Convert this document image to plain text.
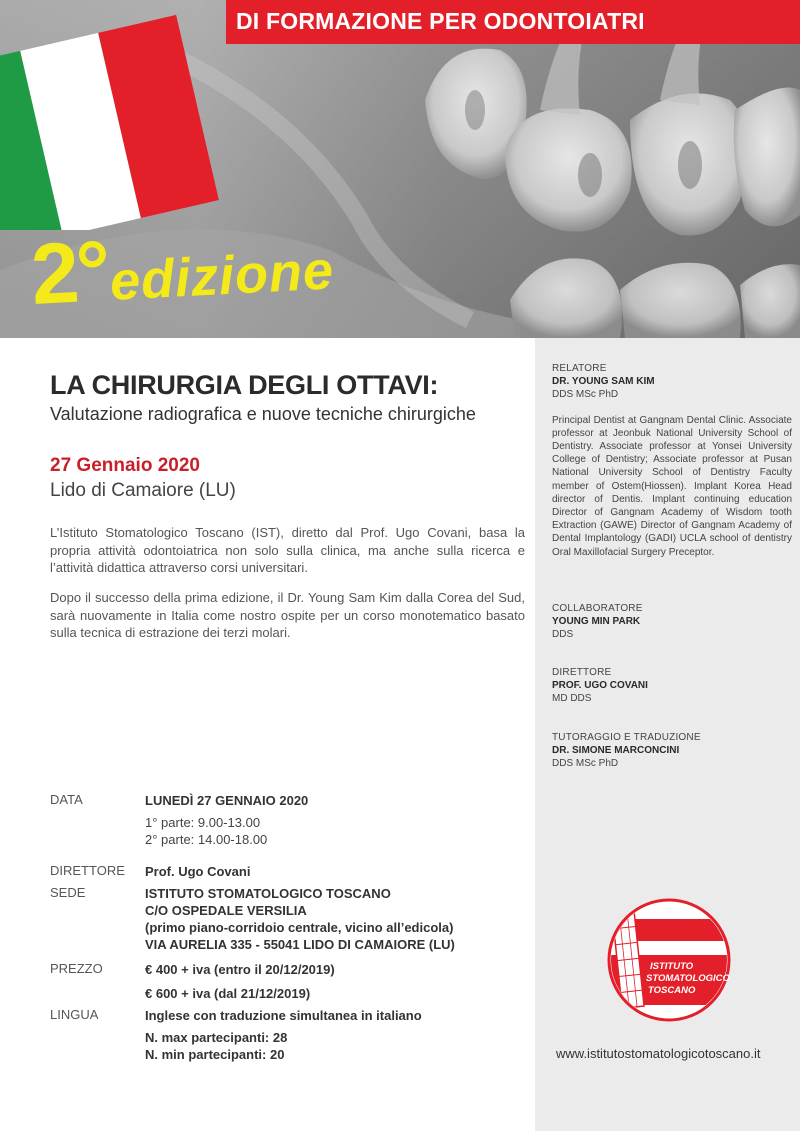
DI FORMAZIONE PER ODONTOIATRI
2°edizione
LA CHIRURGIA DEGLI OTTAVI:
Valutazione radiografica e nuove tecniche chirurgiche
27 Gennaio 2020
Lido di Camaiore (LU)

L’Istituto Stomatologico Toscano (IST), diretto dal Prof. Ugo Covani, basa la propria attività odontoiatrica non solo sulla clinica, ma anche sulla ricerca e l’attività didattica attraverso corsi universitari.

Dopo il successo della prima edizione, il Dr. Young Sam Kim dalla Corea del Sud, sarà nuovamente in Italia come nostro ospite per un corso monotematico basato sulla tecnica di estrazione dei terzi molari.

DATA	LUNEDÌ 27 GENNAIO 2020
1° parte: 9.00-13.00
2° parte: 14.00-18.00
DIRETTORE Prof. Ugo Covani
SEDE	ISTITUTO STOMATOLOGICO TOSCANO
C/O OSPEDALE VERSILIA
(primo piano-corridoio centrale, vicino all’edicola)
VIA AURELIA 335 - 55041 LIDO DI CAMAIORE (LU)
PREZZO	€ 400 + iva (entro il 20/12/2019)
€ 600 + iva (dal 21/12/2019)
LINGUA	Inglese con traduzione simultanea in italiano
N. max partecipanti: 28
N. min partecipanti: 20
RELATORE
DR. YOUNG SAM KIM
DDS MSc PhD
Principal Dentist at Gangnam Dental Clinic. Associate professor at Jeonbuk National University School of Dentistry. Associate professor at Yonsei University College of Dentistry; Associate professor at Pusan National University School of Dentistry Faculty member of Ostem(Hiossen). Implant Korea Head director of Dentis. Implant continuing education Director of Gangnam Academy of Wisdom tooth Extraction (GAWE) Director of Gangnam Academy of Dental Implantology (GADI) UCLA school of dentistry Oral Maxillofacial Surgery Preceptor.
COLLABORATORE
YOUNG MIN PARK
DDS
DIRETTORE
PROF. UGO COVANI
MD DDS
TUTORAGGIO E TRADUZIONE
DR. SIMONE MARCONCINI
DDS MSc PhD
ISTITUTO
STOMATOLOGICO
TOSCANO
www.istitutostomatologicotoscano.it
